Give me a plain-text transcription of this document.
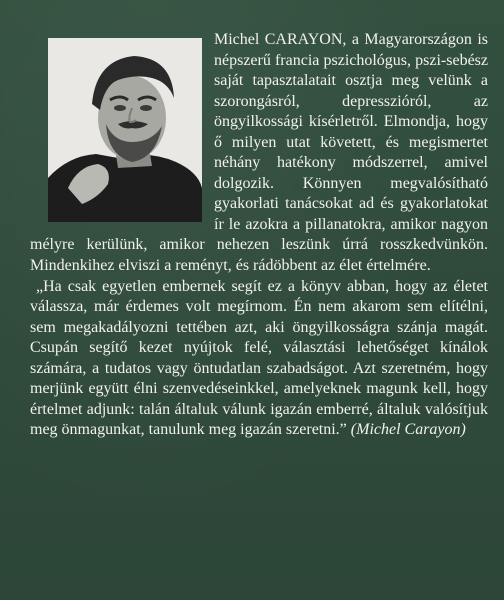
Michel CARAYON, a Magyarországon is népszerű francia pszichológus, pszi-sebész saját tapasztalatait osztja meg velünk a szorongásról, depresszióról, az öngyilkossági kísérletről. Elmondja, hogy ő milyen utat követett, és megismertet néhány hatékony módszerrel, amivel dolgozik. Könnyen megvalósítható gyakorlati tanácsokat ad és gyakorlatokat ír le azokra a pillanatokra, amikor nagyon mélyre kerülünk, amikor nehezen leszünk úrrá rosszkedvünkön. Mindenkihez elviszi a reményt, és rádöbbent az élet értelmére.

„Ha csak egyetlen embernek segít ez a könyv abban, hogy az életet válassza, már érdemes volt megírnom. Én nem akarom sem elítélni, sem megakadályozni tettében azt, aki öngyilkosságra szánja magát. Csupán segítő kezet nyújtok felé, választási lehetőséget kínálok számára, a tudatos vagy öntudatlan szabadságot. Azt szeretném, hogy merjünk együtt élni szenvedéseinkkel, amelyeknek magunk kell, hogy értelmet adjunk: talán általuk válunk igazán emberré, általuk valósítjuk meg önmagunkat, tanulunk meg igazán szeretni.” (Michel Carayon)
